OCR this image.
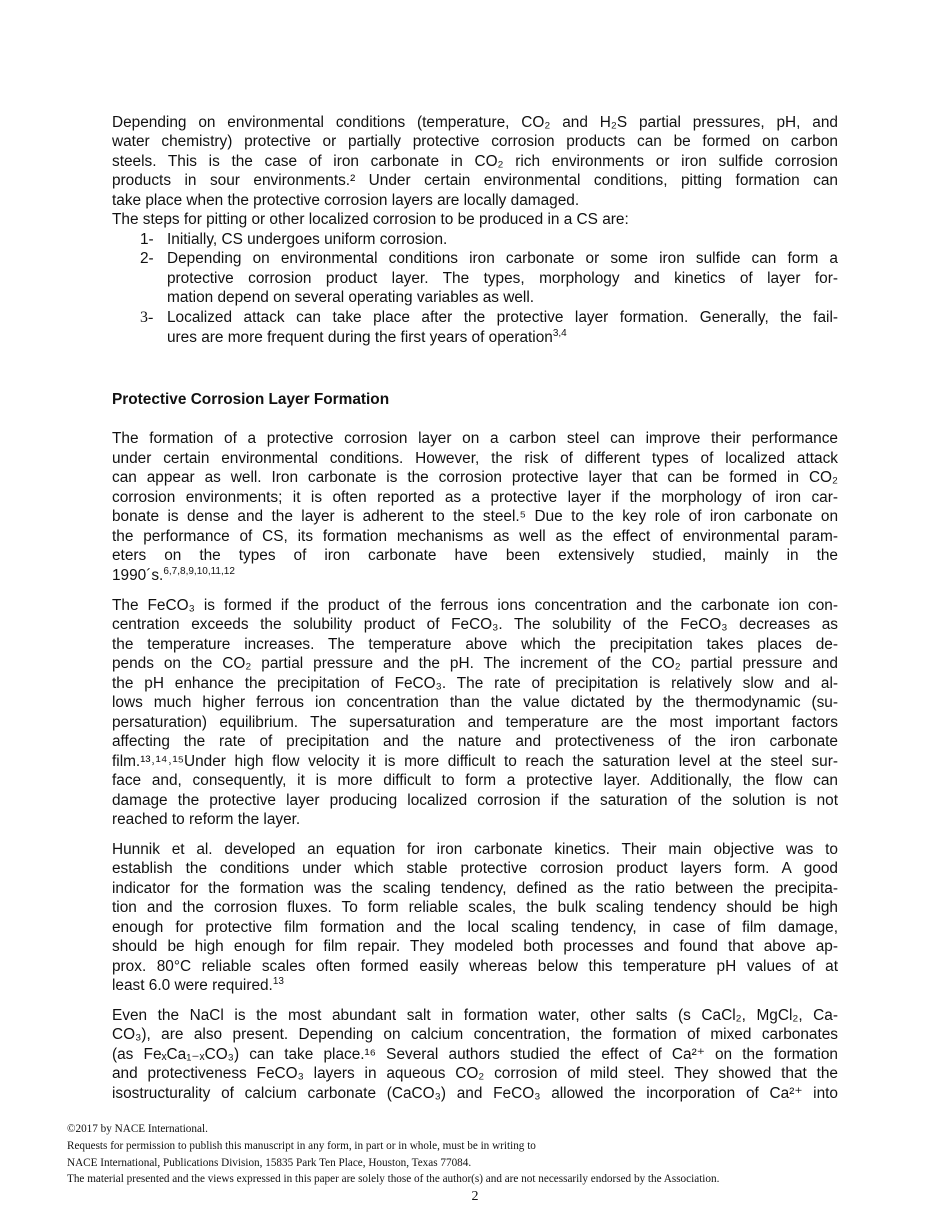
Depending on environmental conditions (temperature, CO₂ and H₂S partial pressures, pH, and
water chemistry) protective or partially protective corrosion products can be formed on carbon
steels. This is the case of iron carbonate in CO₂ rich environments or iron sulfide corrosion
products in sour environments.² Under certain environmental conditions, pitting formation can
take place when the protective corrosion layers are locally damaged.
The steps for pitting or other localized corrosion to be produced in a CS are:
1- Initially, CS undergoes uniform corrosion.
2- Depending on environmental conditions iron carbonate or some iron sulfide can form a
protective corrosion product layer. The types, morphology and kinetics of layer for-
mation depend on several operating variables as well.
3- Localized attack can take place after the protective layer formation. Generally, the fail-
ures are more frequent during the first years of operation$^{3,4}$
Protective Corrosion Layer Formation
The formation of a protective corrosion layer on a carbon steel can improve their performance
under certain environmental conditions. However, the risk of different types of localized attack
can appear as well. Iron carbonate is the corrosion protective layer that can be formed in CO₂
corrosion environments; it is often reported as a protective layer if the morphology of iron car-
bonate is dense and the layer is adherent to the steel.⁵ Due to the key role of iron carbonate on
the performance of CS, its formation mechanisms as well as the effect of environmental param-
eters on the types of iron carbonate have been extensively studied, mainly in the
1990´s.$^{6,7,8,9,10,11,12}$
The FeCO₃ is formed if the product of the ferrous ions concentration and the carbonate ion con-
centration exceeds the solubility product of FeCO₃. The solubility of the FeCO₃ decreases as
the temperature increases. The temperature above which the precipitation takes places de-
pends on the CO₂ partial pressure and the pH. The increment of the CO₂ partial pressure and
the pH enhance the precipitation of FeCO₃. The rate of precipitation is relatively slow and al-
lows much higher ferrous ion concentration than the value dictated by the thermodynamic (su-
persaturation) equilibrium. The supersaturation and temperature are the most important factors
affecting the rate of precipitation and the nature and protectiveness of the iron carbonate
film.¹³˒¹⁴˒¹⁵Under high flow velocity it is more difficult to reach the saturation level at the steel sur-
face and, consequently, it is more difficult to form a protective layer. Additionally, the flow can
damage the protective layer producing localized corrosion if the saturation of the solution is not
reached to reform the layer.
Hunnik et al. developed an equation for iron carbonate kinetics. Their main objective was to
establish the conditions under which stable protective corrosion product layers form. A good
indicator for the formation was the scaling tendency, defined as the ratio between the precipita-
tion and the corrosion fluxes. To form reliable scales, the bulk scaling tendency should be high
enough for protective film formation and the local scaling tendency, in case of film damage,
should be high enough for film repair. They modeled both processes and found that above ap-
prox. 80°C reliable scales often formed easily whereas below this temperature pH values of at
least 6.0 were required.$^{13}$
Even the NaCl is the most abundant salt in formation water, other salts (s CaCl₂, MgCl₂, Ca-
CO₃), are also present. Depending on calcium concentration, the formation of mixed carbonates
(as FeₓCa₁₋ₓCO₃) can take place.¹⁶ Several authors studied the effect of Ca²⁺ on the formation
and protectiveness FeCO₃ layers in aqueous CO₂ corrosion of mild steel. They showed that the
isostructurality of calcium carbonate (CaCO₃) and FeCO₃ allowed the incorporation of Ca²⁺ into
©2017 by NACE International.
Requests for permission to publish this manuscript in any form, in part or in whole, must be in writing to
NACE International, Publications Division, 15835 Park Ten Place, Houston, Texas 77084.
The material presented and the views expressed in this paper are solely those of the author(s) and are not necessarily endorsed by the Association.
2
